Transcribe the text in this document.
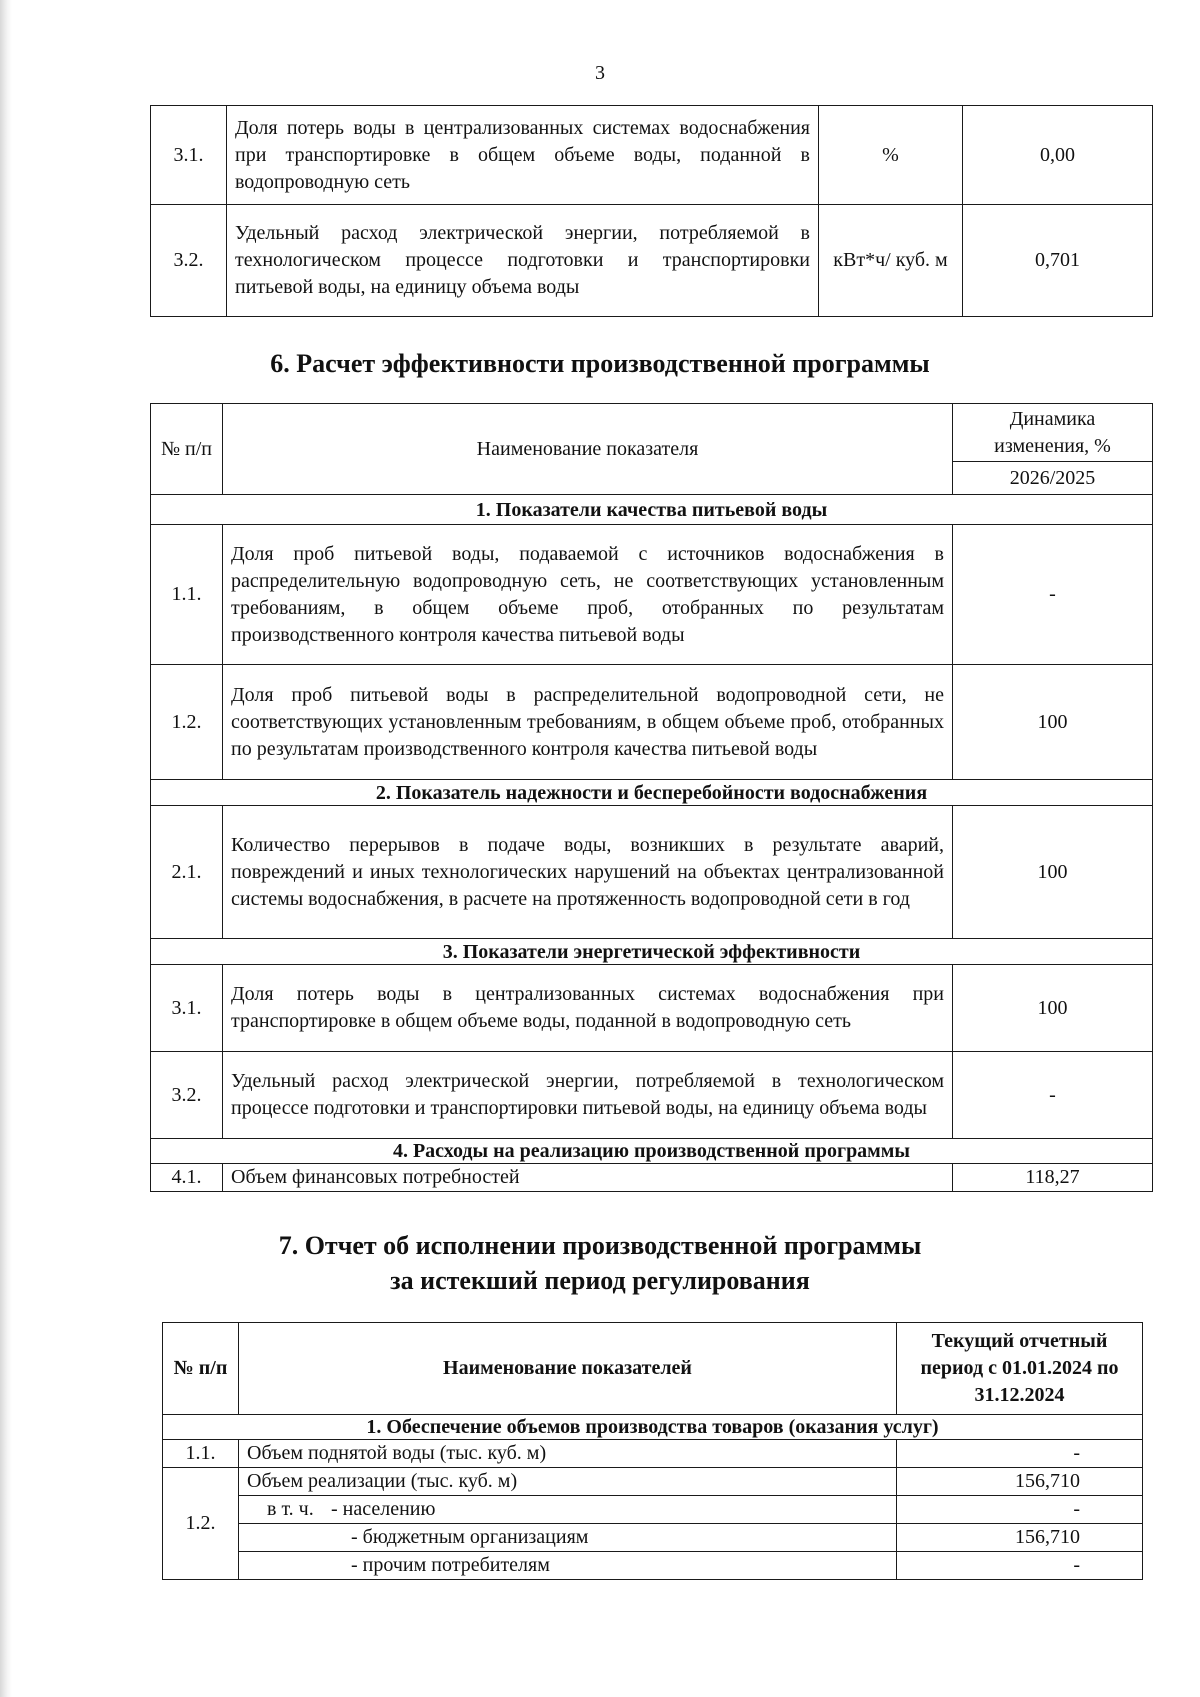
3
3.1.	Доля потерь воды в централизованных системах водоснабжения при транспортировке в общем объеме воды, поданной в водопроводную сеть	%	0,00
3.2.	Удельный расход электрической энергии, потребляемой в технологическом процессе подготовки и транспортировки питьевой воды, на единицу объема воды	кВт*ч/ куб. м	0,701
6. Расчет эффективности производственной программы
№ п/п	Наименование показателя	Динамика изменения, %
		2026/2025
1. Показатели качества питьевой воды		
1.1.	Доля проб питьевой воды, подаваемой с источников водоснабжения в распределительную водопроводную сеть, не соответствующих установленным требованиям, в общем объеме проб, отобранных по результатам производственного контроля качества питьевой воды	-
1.2.	Доля проб питьевой воды в распределительной водопроводной сети, не соответствующих установленным требованиям, в общем объеме проб, отобранных по результатам производственного контроля качества питьевой воды	100
2. Показатель надежности и бесперебойности водоснабжения		
2.1.	Количество перерывов в подаче воды, возникших в результате аварий, повреждений и иных технологических нарушений на объектах централизованной системы водоснабжения, в расчете на протяженность водопроводной сети в год	100
3. Показатели энергетической эффективности		
3.1.	Доля потерь воды в централизованных системах водоснабжения при транспортировке в общем объеме воды, поданной в водопроводную сеть	100
3.2.	Удельный расход электрической энергии, потребляемой в технологическом процессе подготовки и транспортировки питьевой воды, на единицу объема воды	-
4. Расходы на реализацию производственной программы		
4.1.	Объем финансовых потребностей	118,27
7. Отчет об исполнении производственной программы
за истекший период регулирования
№ п/п	Наименование показателей	Текущий отчетный период с 01.01.2024 по 31.12.2024
1. Обеспечение объемов производства товаров (оказания услуг)		
1.1.	Объем поднятой воды (тыс. куб. м)	-
1.2.	Объем реализации (тыс. куб. м)	156,710
	в т. ч. - населению	-
	- бюджетным организациям	156,710
	- прочим потребителям	-
